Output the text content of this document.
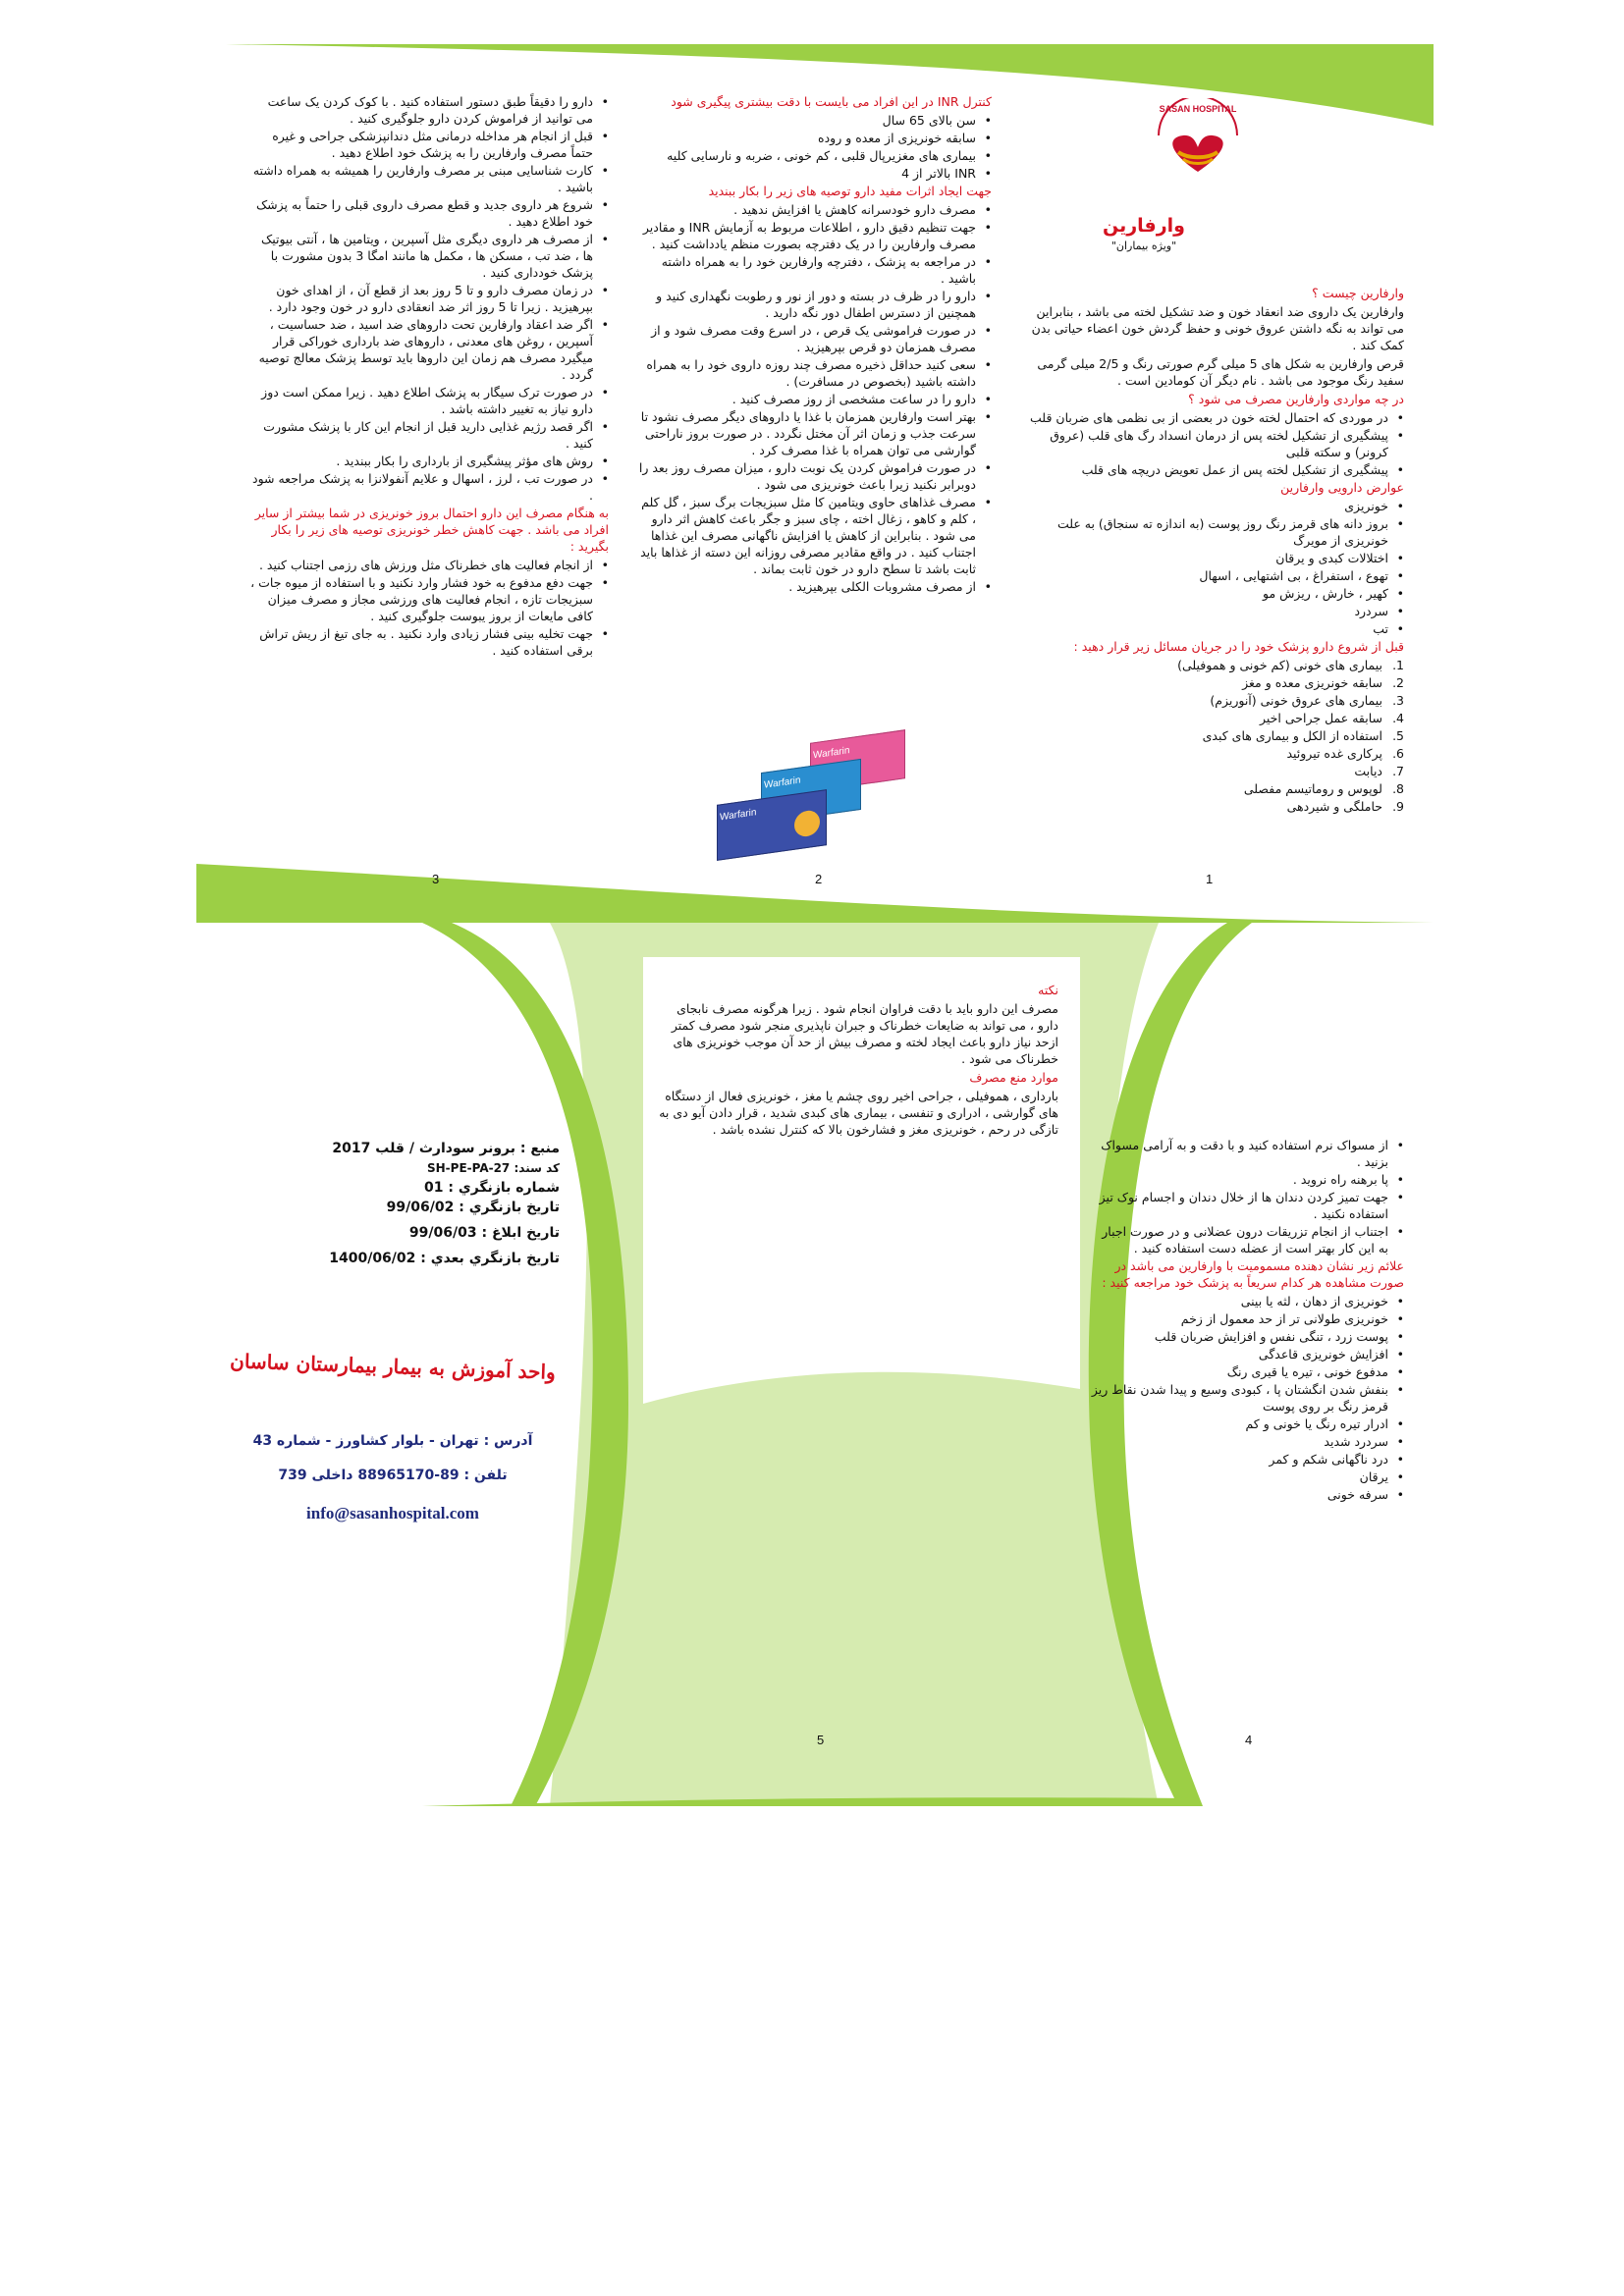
SASAN HOSPITAL
وارفارین
"ویژه بیماران"

وارفارین چیست ؟

وارفارین یک داروی ضد انعقاد خون و ضد تشکیل لخته می باشد ، بنابراین می تواند به نگه داشتن عروق خونی و حفظ گردش خون اعضاء حیاتی بدن کمک کند .

قرص وارفارین به شکل های 5 میلی گرم صورتی رنگ و 2/5 میلی گرمی سفید رنگ موجود می باشد . نام دیگر آن کومادین است .

در چه مواردی وارفارین مصرف می شود ؟

• در موردی که احتمال لخته خون در بعضی از بی نظمی های ضربان قلب
• پیشگیری از تشکیل لخته پس از درمان انسداد رگ های قلب (عروق کرونر) و سکته قلبی
• پیشگیری از تشکیل لخته پس از عمل تعویض دریچه های قلب

عوارض دارویی وارفارین

• خونریزی
• بروز دانه های قرمز رنگ روز پوست (به اندازه ته سنجاق) به علت خونریزی از مویرگ
• اختلالات کبدی و یرقان
• تهوع ، استفراغ ، بی اشتهایی ، اسهال
• کهیر ، خارش ، ریزش مو
• سردرد
• تب

قبل از شروع دارو پزشک خود را در جریان مسائل زیر قرار دهید :

1.
بیماری های خونی (کم خونی و هموفیلی)
2.
سابقه خونریزی معده و مغز
3.
بیماری های عروق خونی (آنوریزم)
4.
سابقه عمل جراحی اخیر
5.
استفاده از الکل و بیماری های کبدی
6.
پرکاری غده تیروئید
7.
دیابت
8.
لوپوس و روماتیسم مفصلی
9.
حاملگی و شیردهی
1

کنترل INR در این افراد می بایست با دقت بیشتری پیگیری شود

• سن بالای 65 سال
• سابقه خونریزی از معده و روده
• بیماری های مغزیرپال قلبی ، کم خونی ، ضربه و نارسایی کلیه
• INR بالاتر از 4

جهت ایجاد اثرات مفید دارو توصیه های زیر را بکار ببندید

• مصرف دارو خودسرانه کاهش یا افزایش ندهید .
• جهت تنظیم دقیق دارو ، اطلاعات مربوط به آزمایش INR و مقادیر مصرف وارفارین را در یک دفترچه بصورت منظم یادداشت کنید .
• در مراجعه به پزشک ، دفترچه وارفارین خود را به همراه داشته باشید .
• دارو را در ظرف در بسته و دور از نور و رطوبت نگهداری کنید و همچنین از دسترس اطفال دور نگه دارید .
• در صورت فراموشی یک قرص ، در اسرع وقت مصرف شود و از مصرف همزمان دو قرص بپرهیزید .
• سعی کنید حداقل ذخیره مصرف چند روزه داروی خود را به همراه داشته باشید (بخصوص در مسافرت) .
• دارو را در ساعت مشخصی از روز مصرف کنید .
• بهتر است وارفارین همزمان با غذا یا داروهای دیگر مصرف نشود تا سرعت جذب و زمان اثر آن مختل نگردد . در صورت بروز ناراحتی گوارشی می توان همراه با غذا مصرف کرد .
• در صورت فراموش کردن یک نوبت دارو ، میزان مصرف روز بعد را دوبرابر نکنید زیرا باعث خونریزی می شود .
• مصرف غذاهای حاوی ویتامین کا مثل سبزیجات برگ سبز ، گل کلم ، کلم و کاهو ، زغال اخته ، چای سبز و جگر باعث کاهش اثر دارو می شود . بنابراین از کاهش یا افزایش ناگهانی مصرف این غذاها اجتناب کنید . در واقع مقادیر مصرفی روزانه این دسته از غذاها باید ثابت باشد تا سطح دارو در خون ثابت بماند .
• از مصرف مشروبات الکلی بپرهیزید .
Warfarin
Warfarin
Warfarin
2
• دارو را دقیقاً طبق دستور استفاده کنید . با کوک کردن یک ساعت می توانید از فراموش کردن دارو جلوگیری کنید .
• قبل از انجام هر مداخله درمانی مثل دندانپزشکی جراحی و غیره حتماً مصرف وارفارین را به پزشک خود اطلاع دهید .
• کارت شناسایی مبنی بر مصرف وارفارین را همیشه به همراه داشته باشید .
• شروع هر داروی جدید و قطع مصرف داروی قبلی را حتماً به پزشک خود اطلاع دهید .
• از مصرف هر داروی دیگری مثل آسپرین ، ویتامین ها ، آنتی بیوتیک ها ، ضد تب ، مسکن ها ، مکمل ها مانند امگا 3 بدون مشورت با پزشک خودداری کنید .
• در زمان مصرف دارو و تا 5 روز بعد از قطع آن ، از اهدای خون بپرهیزید . زیرا تا 5 روز اثر ضد انعقادی دارو در خون وجود دارد .
• اگر ضد اعقاد وارفارین تحت داروهای ضد اسید ، ضد حساسیت ، آسپرین ، روغن های معدنی ، داروهای ضد بارداری خوراکی قرار میگیرد مصرف هم زمان این داروها باید توسط پزشک معالج توصیه گردد .
• در صورت ترک سیگار به پزشک اطلاع دهید . زیرا ممکن است دوز دارو نیاز به تغییر داشته باشد .
• اگر قصد رژیم غذایی دارید قبل از انجام این کار با پزشک مشورت کنید .
• روش های مؤثر پیشگیری از بارداری را بکار ببندید .
• در صورت تب ، لرز ، اسهال و علایم آنفولانزا به پزشک مراجعه شود .

به هنگام مصرف این دارو احتمال بروز خونریزی در شما بیشتر از سایر افراد می باشد . جهت کاهش خطر خونریزی توصیه های زیر را بکار بگیرید :

• از انجام فعالیت های خطرناک مثل ورزش های رزمی اجتناب کنید .
• جهت دفع مدفوع به خود فشار وارد نکنید و با استفاده از میوه جات ، سبزیجات تازه ، انجام فعالیت های ورزشی مجاز و مصرف میزان کافی مایعات از بروز یبوست جلوگیری کنید .
• جهت تخلیه بینی فشار زیادی وارد نکنید . به جای تیغ از ریش تراش برقی استفاده کنید .
3
• از مسواک نرم استفاده کنید و با دقت و به آرامی مسواک بزنید .
• پا برهنه راه نروید .
• جهت تمیز کردن دندان ها از خلال دندان و اجسام نوک تیز استفاده نکنید .
• اجتناب از انجام تزریقات درون عضلانی و در صورت اجبار به این کار بهتر است از عضله دست استفاده کنید .

علائم زیر نشان دهنده مسمومیت با وارفارین می باشد در صورت مشاهده هر کدام سریعاً به پزشک خود مراجعه کنید :

• خونریزی از دهان ، لثه یا بینی
• خونریزی طولانی تر از حد معمول از زخم
• پوست زرد ، تنگی نفس و افزایش ضربان قلب
• افزایش خونریزی قاعدگی
• مدفوع خونی ، تیره یا قیری رنگ
• بنفش شدن انگشتان پا ، کبودی وسیع و پیدا شدن نقاط ریز قرمز رنگ بر روی پوست
• ادرار تیره رنگ یا خونی و کم
• سردرد شدید
• درد ناگهانی شکم و کمر
• یرقان
• سرفه خونی
4

نکته

مصرف این دارو باید با دقت فراوان انجام شود . زیرا هرگونه مصرف نابجای دارو ، می تواند به ضایعات خطرناک و جبران ناپذیری منجر شود مصرف کمتر ازحد نیاز دارو باعث ایجاد لخته و مصرف بیش از حد آن موجب خونریزی های خطرناک می شود .

موارد منع مصرف

بارداری ، هموفیلی ، جراحی اخیر روی چشم یا مغز ، خونریزی فعال از دستگاه های گوارشی ، ادراری و تنفسی ، بیماری های کبدی شدید ، قرار دادن آیو دی به تازگی در رحم ، خونریزی مغز و فشارخون بالا که کنترل نشده باشد .

5
منبع : برونر سودارث / قلب 2017
کد سند: SH-PE-PA-27
شماره بازنگري : 01
تاریخ بازنگري : 99/06/02
تاریخ ابلاغ : 99/06/03
تاریخ بازنگري بعدي : 1400/06/02
واحد آموزش به بیمار بیمارستان ساسان
آدرس : تهران - بلوار کشاورز - شماره 43
تلفن : 89-88965170 داخلی 739
info@sasanhospital.com
